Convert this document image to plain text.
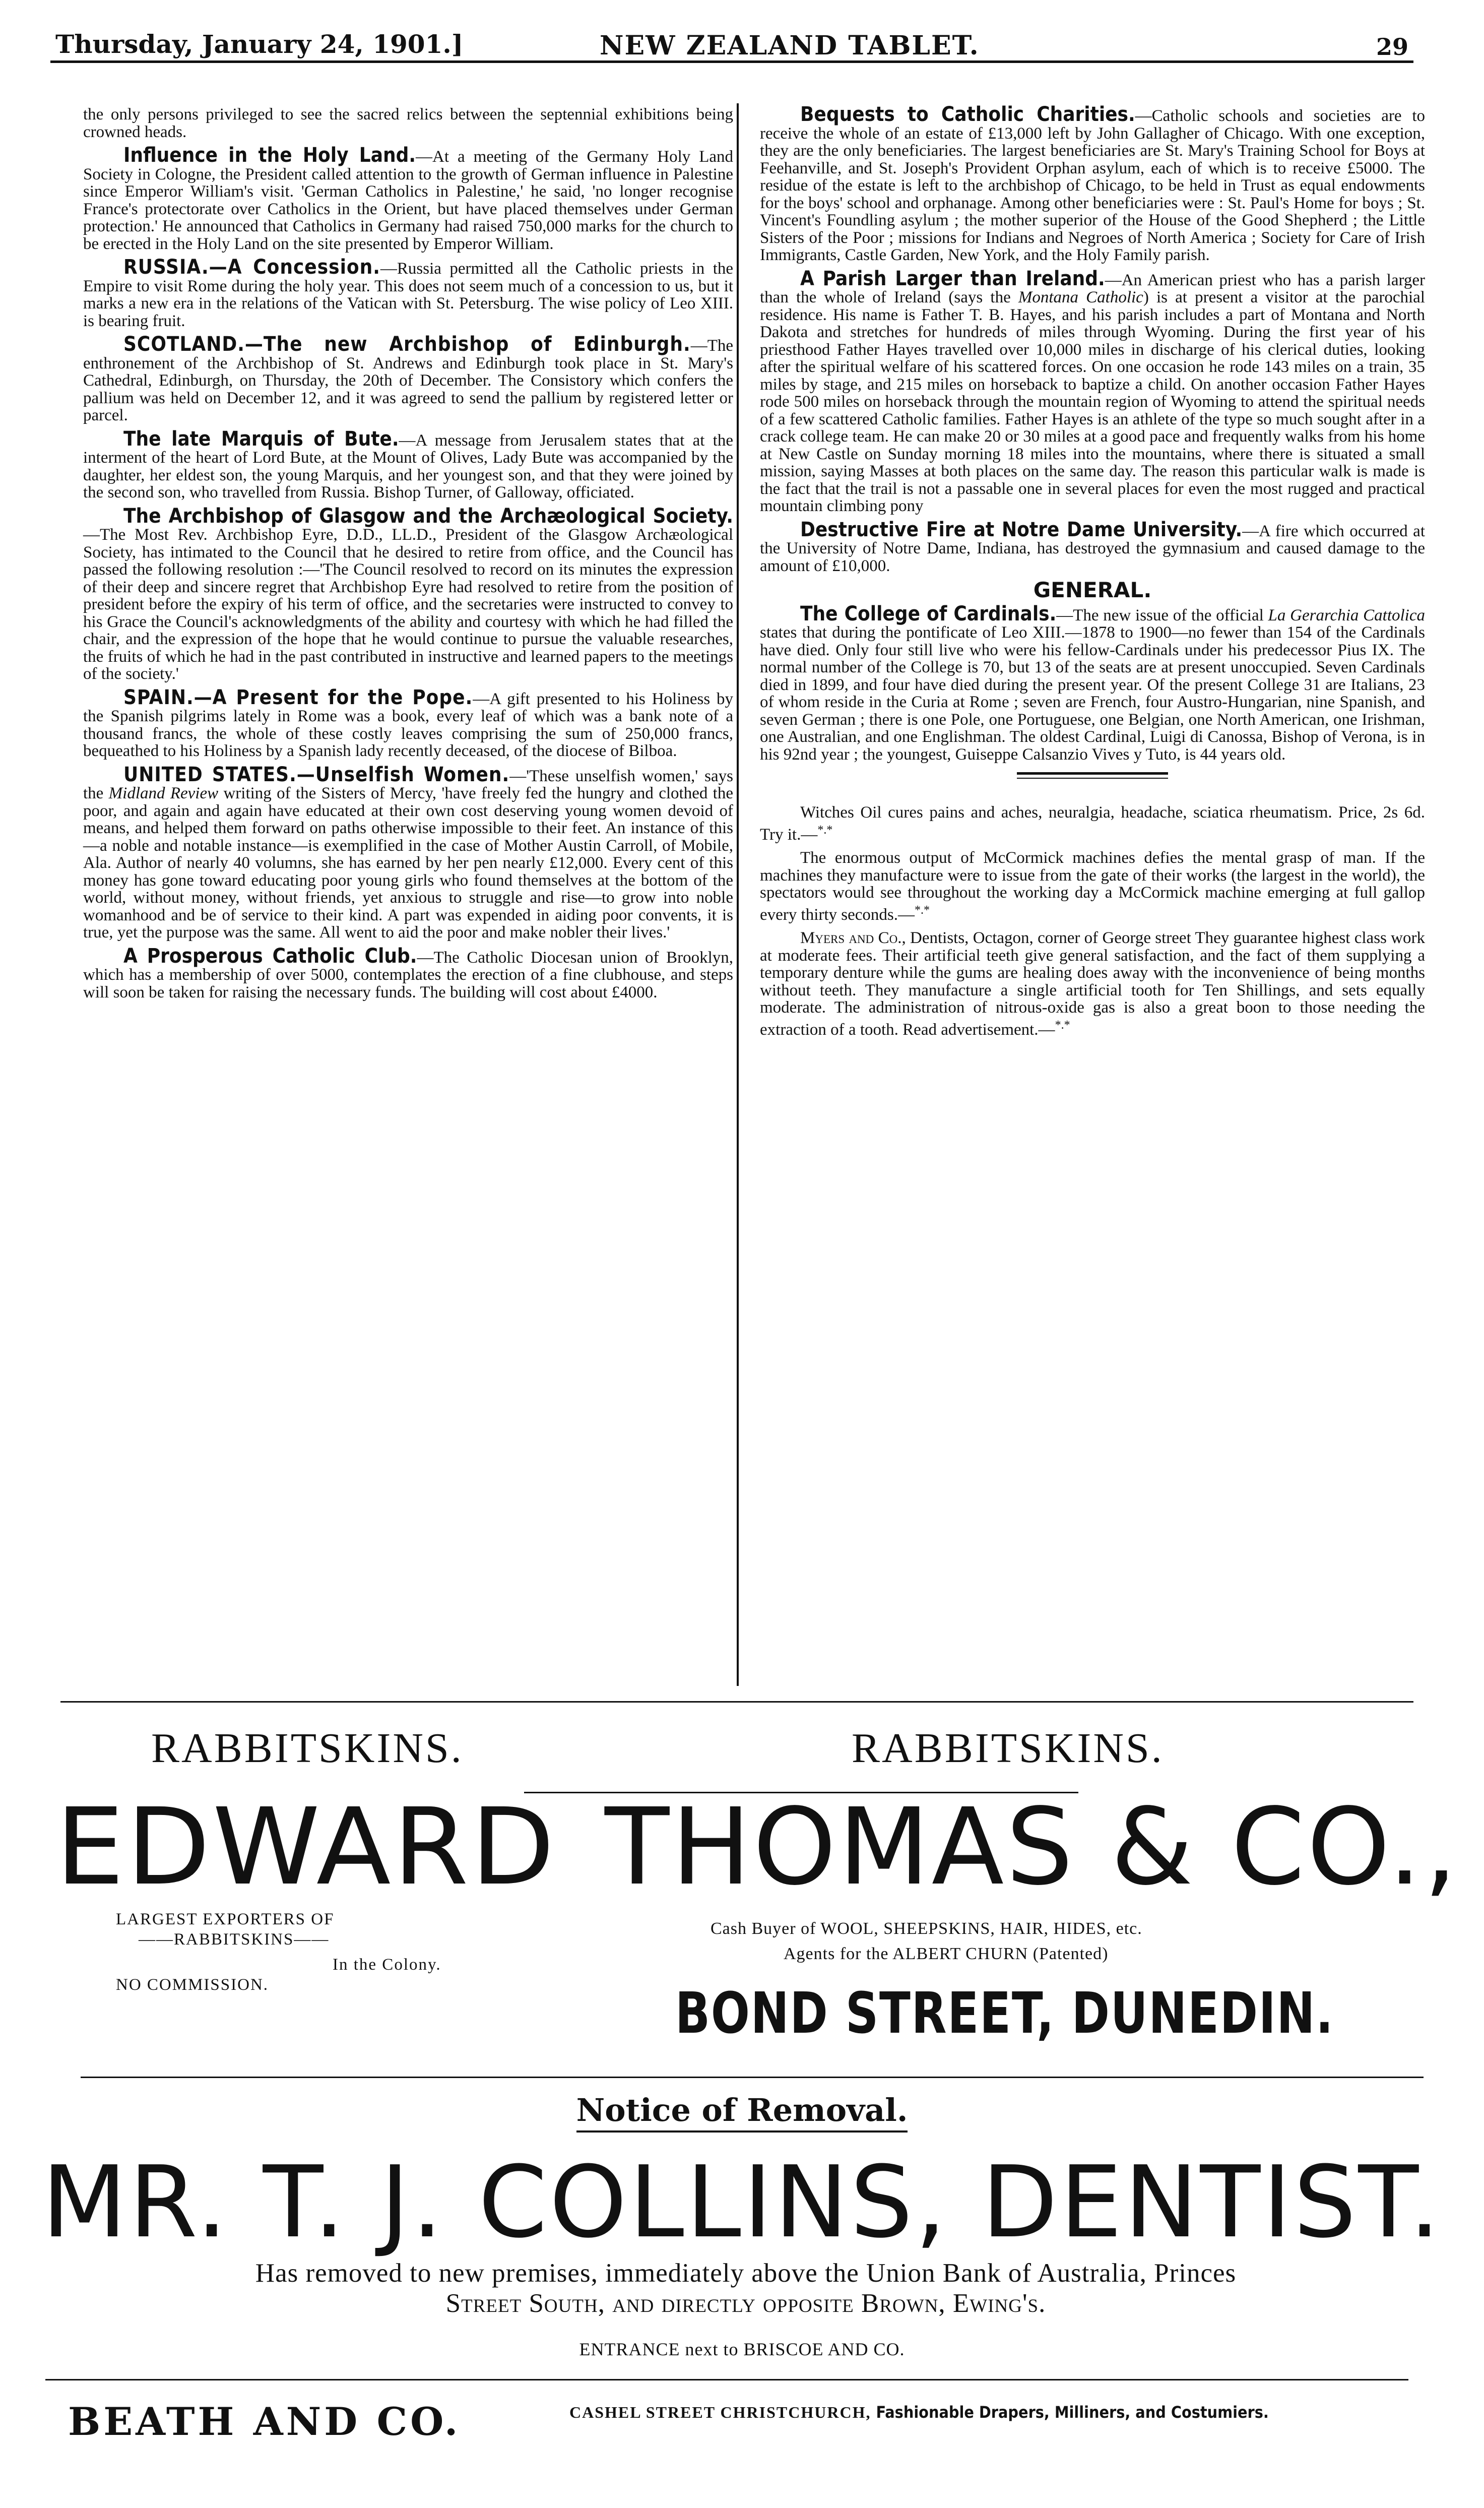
Thursday, January 24, 1901.]	NEW ZEALAND TABLET.	29

the only persons privileged to see the sacred relics between the septennial exhibitions being crowned heads.

Influence in the Holy Land.—At a meeting of the Germany Holy Land Society in Cologne, the President called attention to the growth of German influence in Palestine since Emperor William's visit. 'German Catholics in Palestine,' he said, 'no longer recognise France's protectorate over Catholics in the Orient, but have placed themselves under German protection.' He announced that Catholics in Germany had raised 750,000 marks for the church to be erected in the Holy Land on the site presented by Emperor William.

RUSSIA.—A Concession.—Russia permitted all the Catholic priests in the Empire to visit Rome during the holy year. This does not seem much of a concession to us, but it marks a new era in the relations of the Vatican with St. Petersburg. The wise policy of Leo XIII. is bearing fruit.

SCOTLAND.—The new Archbishop of Edinburgh.—The enthronement of the Archbishop of St. Andrews and Edinburgh took place in St. Mary's Cathedral, Edinburgh, on Thursday, the 20th of December. The Consistory which confers the pallium was held on December 12, and it was agreed to send the pallium by registered letter or parcel.

The late Marquis of Bute.—A message from Jerusalem states that at the interment of the heart of Lord Bute, at the Mount of Olives, Lady Bute was accompanied by the daughter, her eldest son, the young Marquis, and her youngest son, and that they were joined by the second son, who travelled from Russia. Bishop Turner, of Galloway, officiated.

The Archbishop of Glasgow and the Archæological Society.—The Most Rev. Archbishop Eyre, D.D., LL.D., President of the Glasgow Archæological Society, has intimated to the Council that he desired to retire from office, and the Council has passed the following resolution :—'The Council resolved to record on its minutes the expression of their deep and sincere regret that Archbishop Eyre had resolved to retire from the position of president before the expiry of his term of office, and the secretaries were instructed to convey to his Grace the Council's acknowledgments of the ability and courtesy with which he had filled the chair, and the expression of the hope that he would continue to pursue the valuable researches, the fruits of which he had in the past contributed in instructive and learned papers to the meetings of the society.'

SPAIN.—A Present for the Pope.—A gift presented to his Holiness by the Spanish pilgrims lately in Rome was a book, every leaf of which was a bank note of a thousand francs, the whole of these costly leaves comprising the sum of 250,000 francs, bequeathed to his Holiness by a Spanish lady recently deceased, of the diocese of Bilboa.

UNITED STATES.—Unselfish Women.—'These unselfish women,' says the Midland Review writing of the Sisters of Mercy, 'have freely fed the hungry and clothed the poor, and again and again have educated at their own cost deserving young women devoid of means, and helped them forward on paths otherwise impossible to their feet. An instance of this—a noble and notable instance—is exemplified in the case of Mother Austin Carroll, of Mobile, Ala. Author of nearly 40 volumns, she has earned by her pen nearly £12,000. Every cent of this money has gone toward educating poor young girls who found themselves at the bottom of the world, without money, without friends, yet anxious to struggle and rise—to grow into noble womanhood and be of service to their kind. A part was expended in aiding poor convents, it is true, yet the purpose was the same. All went to aid the poor and make nobler their lives.'

A Prosperous Catholic Club.—The Catholic Diocesan union of Brooklyn, which has a membership of over 5000, contemplates the erection of a fine clubhouse, and steps will soon be taken for raising the necessary funds. The building will cost about £4000.

Bequests to Catholic Charities.—Catholic schools and societies are to receive the whole of an estate of £13,000 left by John Gallagher of Chicago. With one exception, they are the only beneficiaries. The largest beneficiaries are St. Mary's Training School for Boys at Feehanville, and St. Joseph's Provident Orphan asylum, each of which is to receive £5000. The residue of the estate is left to the archbishop of Chicago, to be held in Trust as equal endowments for the boys' school and orphanage. Among other beneficiaries were : St. Paul's Home for boys ; St. Vincent's Foundling asylum ; the mother superior of the House of the Good Shepherd ; the Little Sisters of the Poor ; missions for Indians and Negroes of North America ; Society for Care of Irish Immigrants, Castle Garden, New York, and the Holy Family parish.

A Parish Larger than Ireland.—An American priest who has a parish larger than the whole of Ireland (says the Montana Catholic) is at present a visitor at the parochial residence. His name is Father T. B. Hayes, and his parish includes a part of Montana and North Dakota and stretches for hundreds of miles through Wyoming. During the first year of his priesthood Father Hayes travelled over 10,000 miles in discharge of his clerical duties, looking after the spiritual welfare of his scattered forces. On one occasion he rode 143 miles on a train, 35 miles by stage, and 215 miles on horseback to baptize a child. On another occasion Father Hayes rode 500 miles on horseback through the mountain region of Wyoming to attend the spiritual needs of a few scattered Catholic families. Father Hayes is an athlete of the type so much sought after in a crack college team. He can make 20 or 30 miles at a good pace and frequently walks from his home at New Castle on Sunday morning 18 miles into the mountains, where there is situated a small mission, saying Masses at both places on the same day. The reason this particular walk is made is the fact that the trail is not a passable one in several places for even the most rugged and practical mountain climbing pony

Destructive Fire at Notre Dame University.—A fire which occurred at the University of Notre Dame, Indiana, has destroyed the gymnasium and caused damage to the amount of £10,000.

GENERAL.

The College of Cardinals.—The new issue of the official La Gerarchia Cattolica states that during the pontificate of Leo XIII.—1878 to 1900—no fewer than 154 of the Cardinals have died. Only four still live who were his fellow-Cardinals under his predecessor Pius IX. The normal number of the College is 70, but 13 of the seats are at present unoccupied. Seven Cardinals died in 1899, and four have died during the present year. Of the present College 31 are Italians, 23 of whom reside in the Curia at Rome ; seven are French, four Austro-Hungarian, nine Spanish, and seven German ; there is one Pole, one Portuguese, one Belgian, one North American, one Irishman, one Australian, and one Englishman. The oldest Cardinal, Luigi di Canossa, Bishop of Verona, is in his 92nd year ; the youngest, Guiseppe Calsanzio Vives y Tuto, is 44 years old.

Witches Oil cures pains and aches, neuralgia, headache, sciatica rheumatism. Price, 2s 6d. Try it.—*.*

The enormous output of McCormick machines defies the mental grasp of man. If the machines they manufacture were to issue from the gate of their works (the largest in the world), the spectators would see throughout the working day a McCormick machine emerging at full gallop every thirty seconds.—*.*

Myers and Co., Dentists, Octagon, corner of George street They guarantee highest class work at moderate fees. Their artificial teeth give general satisfaction, and the fact of them supplying a temporary denture while the gums are healing does away with the inconvenience of being months without teeth. They manufacture a single artificial tooth for Ten Shillings, and sets equally moderate. The administration of nitrous-oxide gas is also a great boon to those needing the extraction of a tooth. Read advertisement.—*.*

RABBITSKINS.	RABBITSKINS.
EDWARD THOMAS & CO.,
LARGEST EXPORTERS OF
——RABBITSKINS——
In the Colony.
NO COMMISSION.
Cash Buyer of WOOL, SHEEPSKINS, HAIR, HIDES, etc.
Agents for the ALBERT CHURN (Patented)
BOND STREET, DUNEDIN.
Notice of Removal.
MR. T. J. COLLINS, DENTIST.
Has removed to new premises, immediately above the Union Bank of Australia, Princes
Street South, and directly opposite Brown, Ewing's.
ENTRANCE next to BRISCOE AND CO.
BEATH AND CO.	CASHEL STREET CHRISTCHURCH, Fashionable Drapers, Milliners, and Costumiers.
